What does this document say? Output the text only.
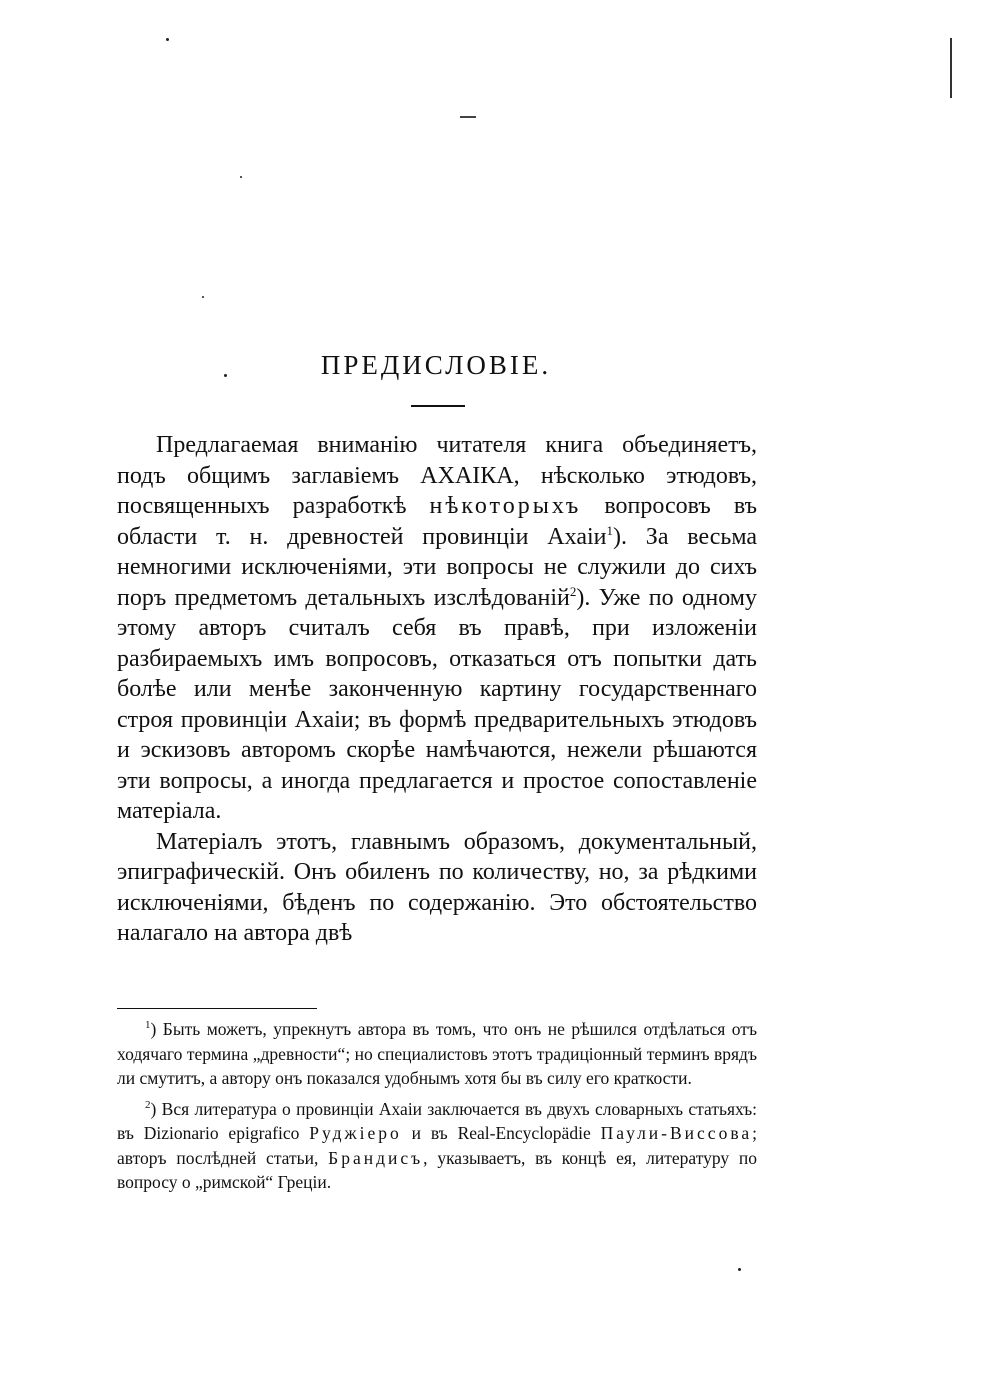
ПРЕДИСЛОВІЕ.

Предлагаемая вниманію читателя книга объединяетъ, подъ общимъ заглавіемъ АХАІКА, нѣсколько этюдовъ, посвященныхъ разработкѣ нѣкоторыхъ вопросовъ въ области т. н. древностей провинціи Ахаіи$^1$). За весьма немногими исключеніями, эти вопросы не служили до сихъ поръ предметомъ детальныхъ изслѣдованій$^2$). Уже по одному этому авторъ считалъ себя въ правѣ, при изложеніи разбираемыхъ имъ вопросовъ, отказаться отъ попытки дать болѣе или менѣе законченную картину государственнаго строя провинціи Ахаіи; въ формѣ предварительныхъ этюдовъ и эскизовъ авторомъ скорѣе намѣчаются, нежели рѣшаются эти вопросы, а иногда предлагается и простое сопоставленіе матеріала.

Матеріалъ этотъ, главнымъ образомъ, документальный, эпиграфическій. Онъ обиленъ по количеству, но, за рѣдкими исключеніями, бѣденъ по содержанію. Это обстоятельство налагало на автора двѣ

$^1$) Быть можетъ, упрекнутъ автора въ томъ, что онъ не рѣшился отдѣлаться отъ ходячаго термина „древности“; но специалистовъ этотъ традиціонный терминъ врядъ ли смутитъ, а автору онъ показался удобнымъ хотя бы въ силу его краткости.

$^2$) Вся литература о провинціи Ахаіи заключается въ двухъ словарныхъ статьяхъ: въ Dizionario epigrafico Руджіеро и въ Real-Encyclopädie Паули-Виссова; авторъ послѣдней статьи, Брандисъ, указываетъ, въ концѣ ея, литературу по вопросу о „римской“ Греціи.
